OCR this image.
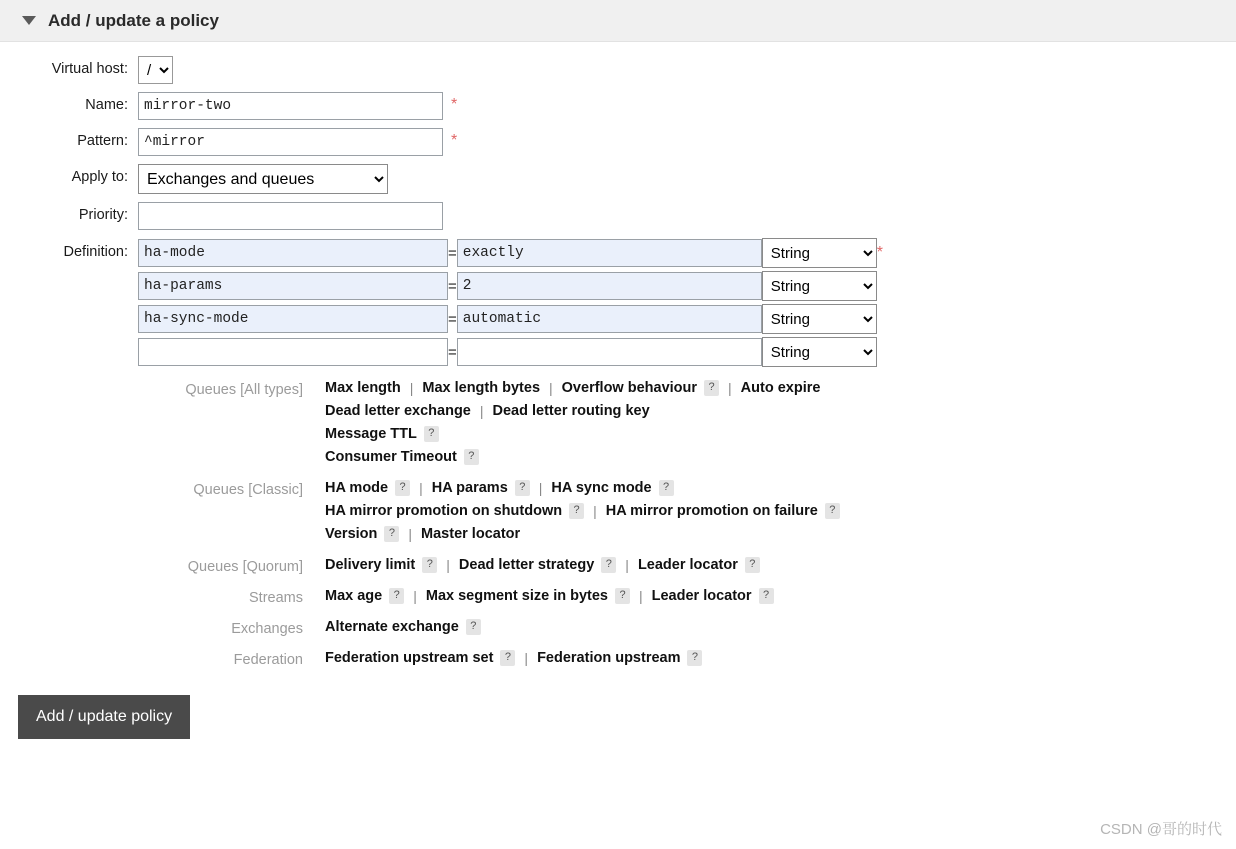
Add / update a policy
Virtual host:
/
Name:
mirror-two	*
Pattern:
^mirror	*
Apply to:
Exchanges and queues
Priority:
Definition:
ha-mode		=	exactly	
String	*
ha-params	=	2	
String	
ha-sync-mode	=	automatic	
String	
	=		
String	
Queues [All types]	Max length | Max length bytes | Overflow behaviour	? | Auto expire
Dead letter exchange | Dead letter routing key
Message TTL	?
Consumer Timeout	?
Queues [Classic]	HA mode	? | HA params	? | HA sync mode	?
HA mirror promotion on shutdown	? | HA mirror promotion on failure	?
Version	? | Master locator
Queues [Quorum]	Delivery limit	? | Dead letter strategy	? | Leader locator	?
Streams	Max age	? | Max segment size in bytes	? | Leader locator	?
Exchanges	Alternate exchange	?
Federation	Federation upstream set	? | Federation upstream	?
Add / update policy
CSDN @哥的时代
